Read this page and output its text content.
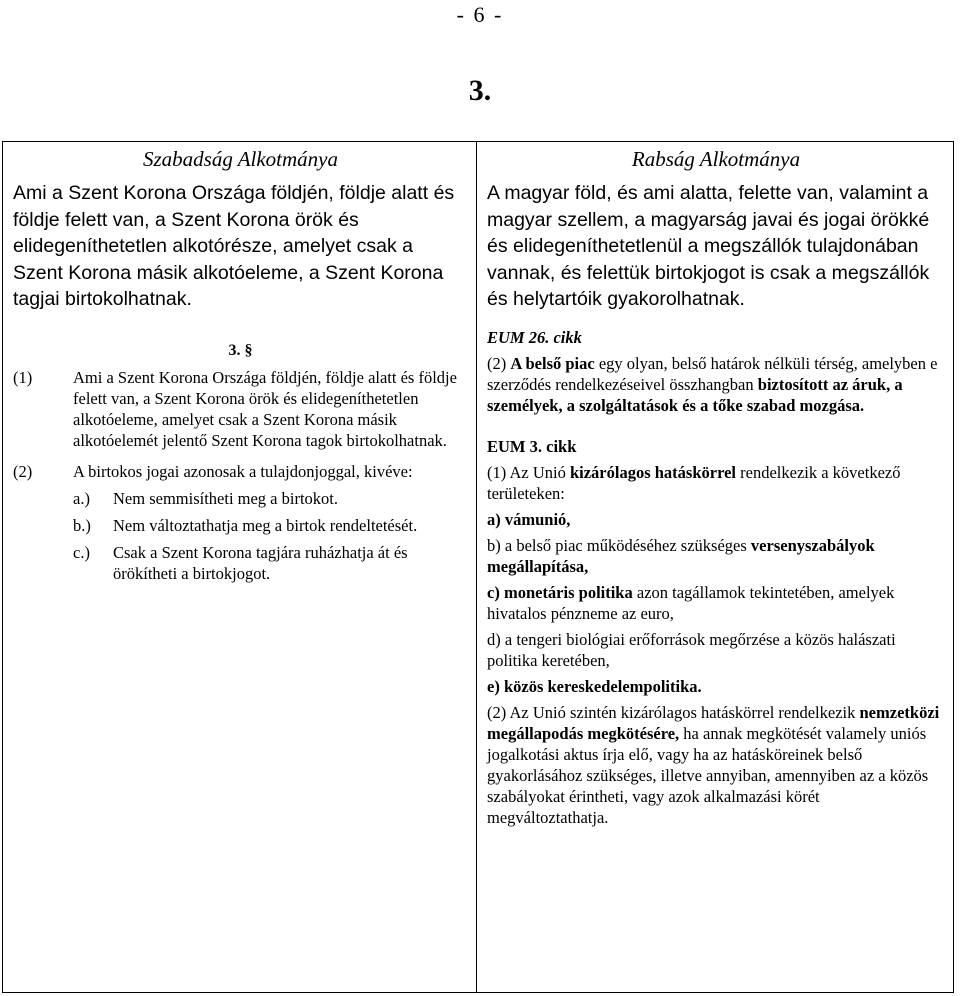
- 6 -
3.
Szabadság Alkotmánya

Ami a Szent Korona Országa földjén, földje alatt és földje felett van, a Szent Korona örök és elidegeníthetetlen alkotórésze, amelyet csak a Szent Korona másik alkotóeleme, a Szent Korona tagjai birtokolhatnak.

3. §
(1)	Ami a Szent Korona Országa földjén, földje alatt és földje felett van, a Szent Korona örök és elidegeníthetetlen alkotóeleme, amelyet csak a Szent Korona másik alkotóelemét jelentő Szent Korona tagok birtokolhatnak.
(2)	A birtokos jogai azonosak a tulajdonjoggal, kivéve:
a.)	Nem semmisítheti meg a birtokot.
b.)	Nem változtathatja meg a birtok rendeltetését.
c.)	Csak a Szent Korona tagjára ruházhatja át és örökítheti a birtokjogot.
Rabság Alkotmánya

A magyar föld, és ami alatta, felette van, valamint a magyar szellem, a magyarság javai és jogai örökké és elidegeníthetetlenül a megszállók tulajdonában vannak, és felettük birtokjogot is csak a megszállók és helytartóik gyakorolhatnak.

EUM 26. cikk
(2) A belső piac egy olyan, belső határok nélküli térség, amelyben e szerződés rendelkezéseivel összhangban biztosított az áruk, a személyek, a szolgáltatások és a tőke szabad mozgása.
EUM 3. cikk
(1) Az Unió kizárólagos hatáskörrel rendelkezik a következő területeken:
a) vámunió,
b) a belső piac működéséhez szükséges versenyszabályok megállapítása,
c) monetáris politika azon tagállamok tekintetében, amelyek hivatalos pénzneme az euro,
d) a tengeri biológiai erőforrások megőrzése a közös halászati politika keretében,
e) közös kereskedelempolitika.
(2) Az Unió szintén kizárólagos hatáskörrel rendelkezik nemzetközi megállapodás megkötésére, ha annak megkötését valamely uniós jogalkotási aktus írja elő, vagy ha az hatásköreinek belső gyakorlásához szükséges, illetve annyiban, amennyiben az a közös szabályokat érintheti, vagy azok alkalmazási körét megváltoztathatja.
